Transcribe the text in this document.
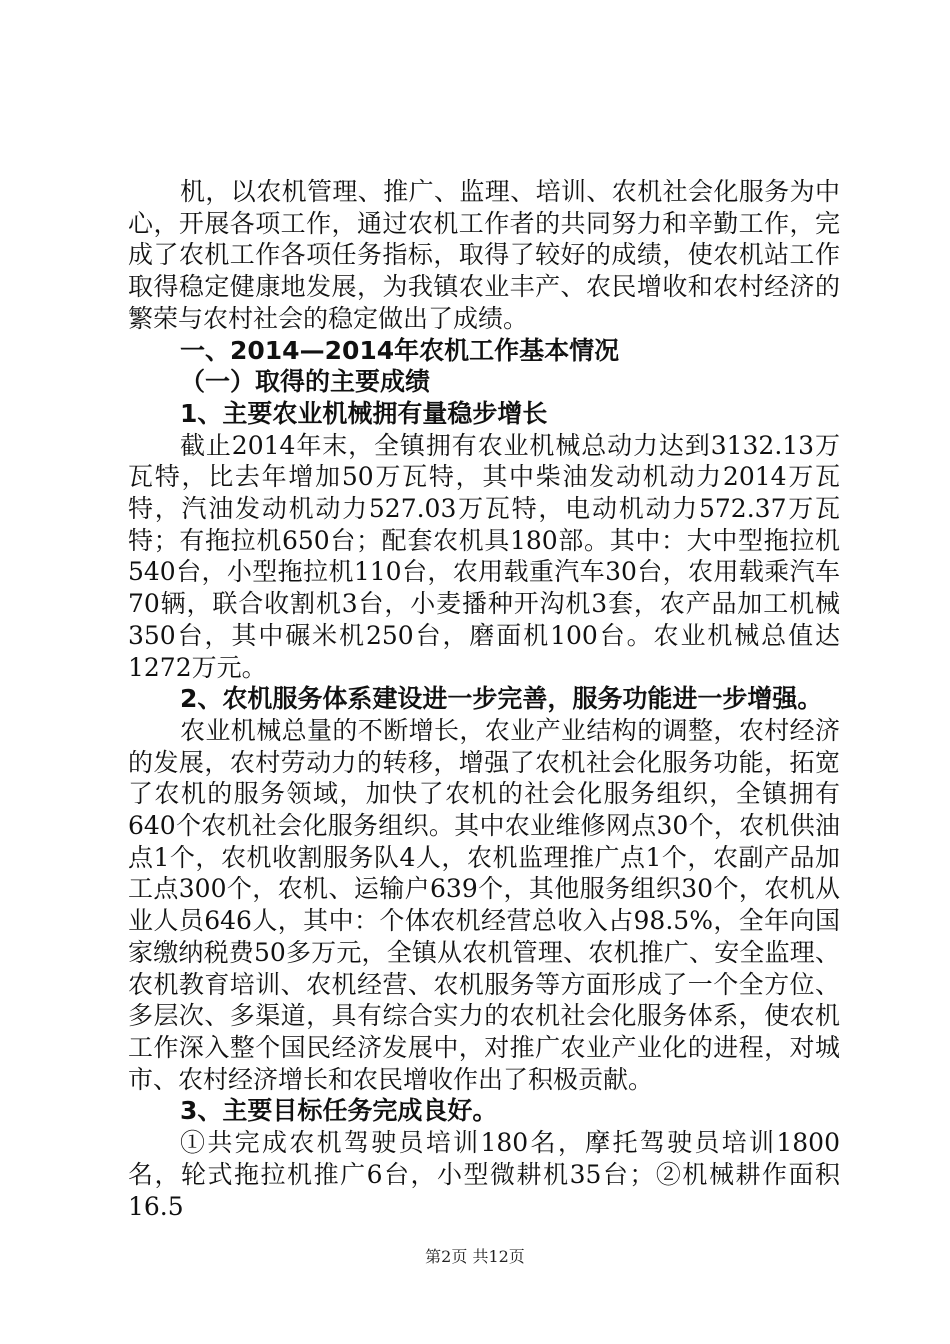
机，以农机管理、推广、监理、培训、农机社会化服务为中心，开展各项工作，通过农机工作者的共同努力和辛勤工作，完成了农机工作各项任务指标，取得了较好的成绩，使农机站工作取得稳定健康地发展，为我镇农业丰产、农民增收和农村经济的繁荣与农村社会的稳定做出了成绩。

一、2014—2014年农机工作基本情况

（一）取得的主要成绩

1、主要农业机械拥有量稳步增长

截止2014年末，全镇拥有农业机械总动力达到3132.13万瓦特，比去年增加50万瓦特，其中柴油发动机动力2014万瓦特，汽油发动机动力527.03万瓦特，电动机动力572.37万瓦特；有拖拉机650台；配套农机具180部。其中：大中型拖拉机540台，小型拖拉机110台，农用载重汽车30台，农用载乘汽车70辆，联合收割机3台，小麦播种开沟机3套，农产品加工机械350台，其中碾米机250台，磨面机100台。农业机械总值达1272万元。

2、农机服务体系建设进一步完善，服务功能进一步增强。

农业机械总量的不断增长，农业产业结构的调整，农村经济的发展，农村劳动力的转移，增强了农机社会化服务功能，拓宽了农机的服务领域，加快了农机的社会化服务组织，全镇拥有640个农机社会化服务组织。其中农业维修网点30个，农机供油点1个，农机收割服务队4人，农机监理推广点1个，农副产品加工点300个，农机、运输户639个，其他服务组织30个，农机从业人员646人，其中：个体农机经营总收入占98.5%，全年向国家缴纳税费50多万元，全镇从农机管理、农机推广、安全监理、农机教育培训、农机经营、农机服务等方面形成了一个全方位、多层次、多渠道，具有综合实力的农机社会化服务体系，使农机工作深入整个国民经济发展中，对推广农业产业化的进程，对城市、农村经济增长和农民增收作出了积极贡献。

3、主要目标任务完成良好。

①共完成农机驾驶员培训180名，摩托驾驶员培训1800名，轮式拖拉机推广6台，小型微耕机35台；②机械耕作面积16.5

第2页 共12页
